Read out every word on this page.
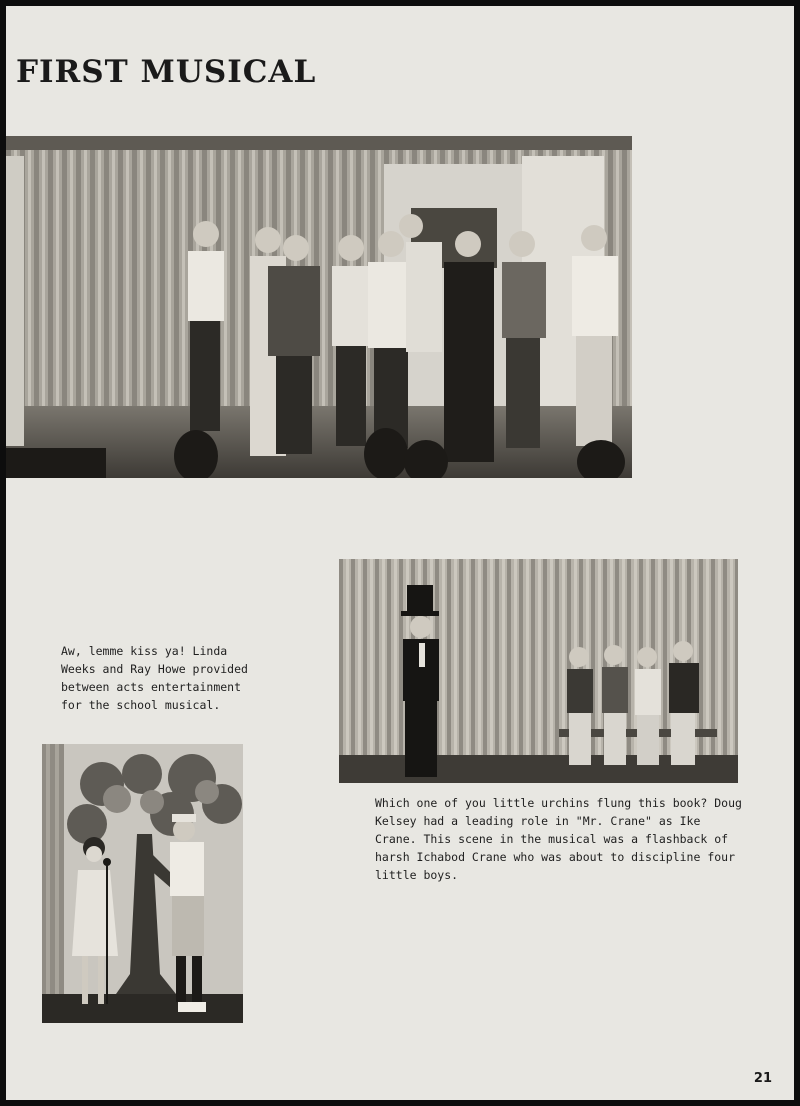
FIRST MUSICAL

Aw, lemme kiss ya! Linda Weeks and Ray Howe provided between acts entertainment for the school musical.

Which one of you little urchins flung this book? Doug Kelsey had a leading role in "Mr. Crane" as Ike Crane. This scene in the musical was a flashback of harsh Ichabod Crane who was about to discipline four little boys.

21
